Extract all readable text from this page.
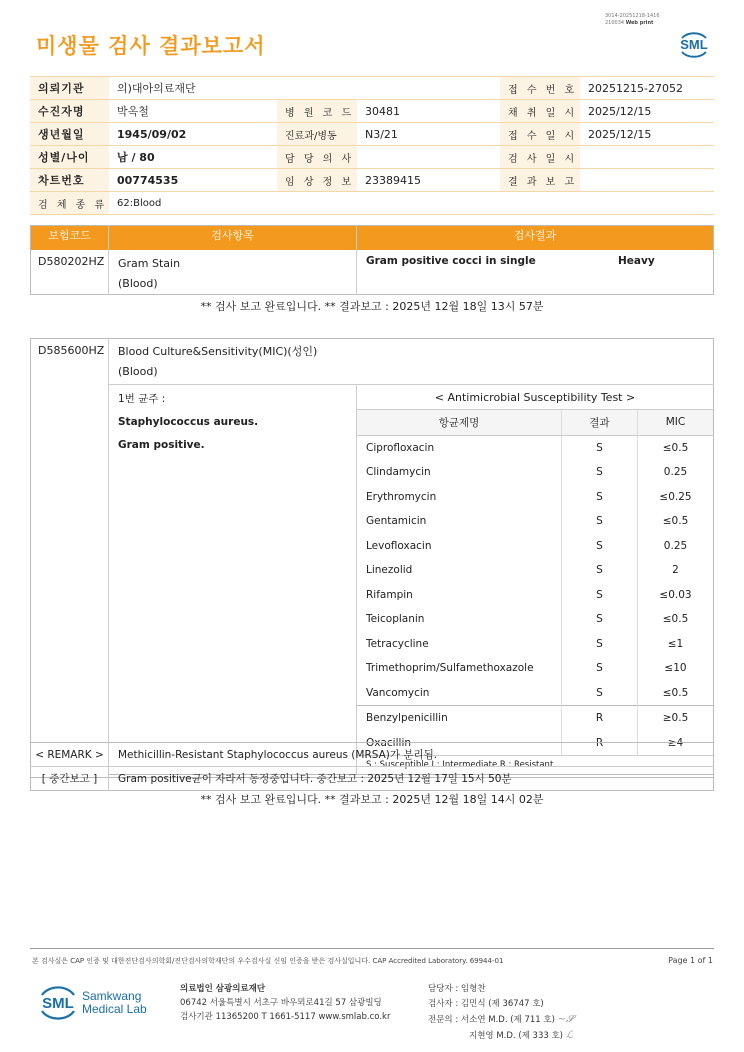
미생물 검사 결과보고서
3014-20251218-1416
210034 Web print
SML
의뢰기관	의)대아의료재단			접 수 번 호	20251215-27052
수진자명	박옥철	병 원 코 드	30481	채 취 일 시	2025/12/15
생년월일	1945/09/02	진료과/병동	N3/21	접 수 일 시	2025/12/15
성별/나이	남 / 80	담 당 의 사		검 사 일 시	
차트번호	00774535	임 상 정 보	23389415	결 과 보 고	
검 체 종 류	62:Blood				
보험코드	검사항목	검사결과
D580202HZ	Gram Stain
(Blood)	Gram positive cocci in single Heavy
** 검사 보고 완료입니다. ** 결과보고 : 2025년 12월 18일 13시 57분
D585600HZ	Blood Culture&Sensitivity(MIC)(성인)
(Blood)			

	1번 균주 :
Staphylococcus aureus.
Gram positive.	< Antimicrobial Susceptibility Test >		
		항균제명	결과	MIC
		Ciprofloxacin	S	≤0.5
		Clindamycin	S	0.25
		Erythromycin	S	≤0.25
		Gentamicin	S	≤0.5
		Levofloxacin	S	0.25
		Linezolid	S	2
		Rifampin	S	≤0.03
		Teicoplanin	S	≤0.5
		Tetracycline	S	≤1
		Trimethoprim/Sulfamethoxazole	S	≤10
		Vancomycin	S	≤0.5
		Benzylpenicillin	R	≥0.5
		Oxacillin	R	≥4
		S : Susceptible I : Intermediate R : Resistant		

< REMARK >	Methicillin-Resistant Staphylococcus aureus (MRSA)가 분리됨.
[ 중간보고 ]	Gram positive균이 자라서 동정중입니다. 중간보고 : 2025년 12월 17일 15시 50분
** 검사 보고 완료입니다. ** 결과보고 : 2025년 12월 18일 14시 02분
본 검사실은 CAP 인증 및 대한진단검사의학회/진단검사의학재단의 우수검사실 신임 인증을 받은 검사실입니다. CAP Accredited Laboratory. 69944-01	Page 1 of 1
SML Samkwang
Medical Lab
의료법인 삼광의료재단
06742 서울특별시 서초구 바우뫼로41길 57 삼광빌딩
검사기관 11365200 T 1661-5117 www.smlab.co.kr
담당자 : 임형찬
검사자 : 김민식 (제 36747 호)
전문의 : 서소연 M.D. (제 711 호) ∼𝓢
지현영 M.D. (제 333 호) ℒ
